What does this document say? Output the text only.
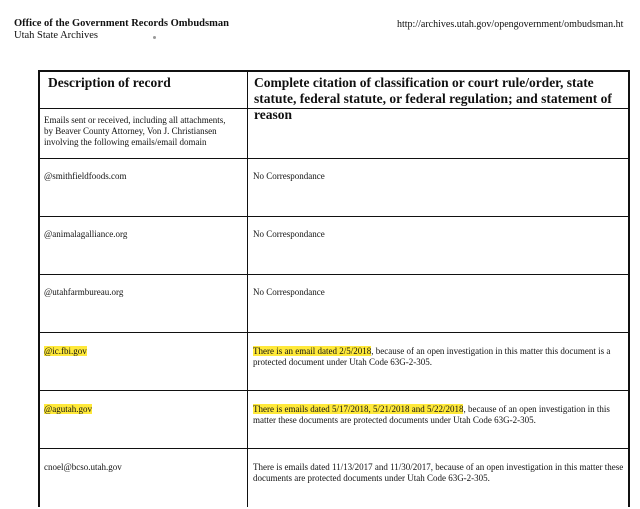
Office of the Government Records Ombudsman
Utah State Archives
http://archives.utah.gov/opengovernment/ombudsman.ht
Description of record	Complete citation of classification or court rule/order, state statute, federal statute, or federal regulation; and statement of reason
Emails sent or received, including all attachments, by Beaver County Attorney, Von J. Christiansen involving the following emails/email domain
@smithfieldfoods.com	No Correspondance
@animalagalliance.org	No Correspondance
@utahfarmbureau.org	No Correspondance
@ic.fbi.gov	There is an email dated 2/5/2018, because of an open investigation in this matter this document is a protected document under Utah Code 63G-2-305.
@agutah.gov	There is emails dated 5/17/2018, 5/21/2018 and 5/22/2018, because of an open investigation in this matter these documents are protected documents under Utah Code 63G-2-305.
cnoel@bcso.utah.gov	There is emails dated 11/13/2017 and 11/30/2017, because of an open investigation in this matter these documents are protected documents under Utah Code 63G-2-305.
